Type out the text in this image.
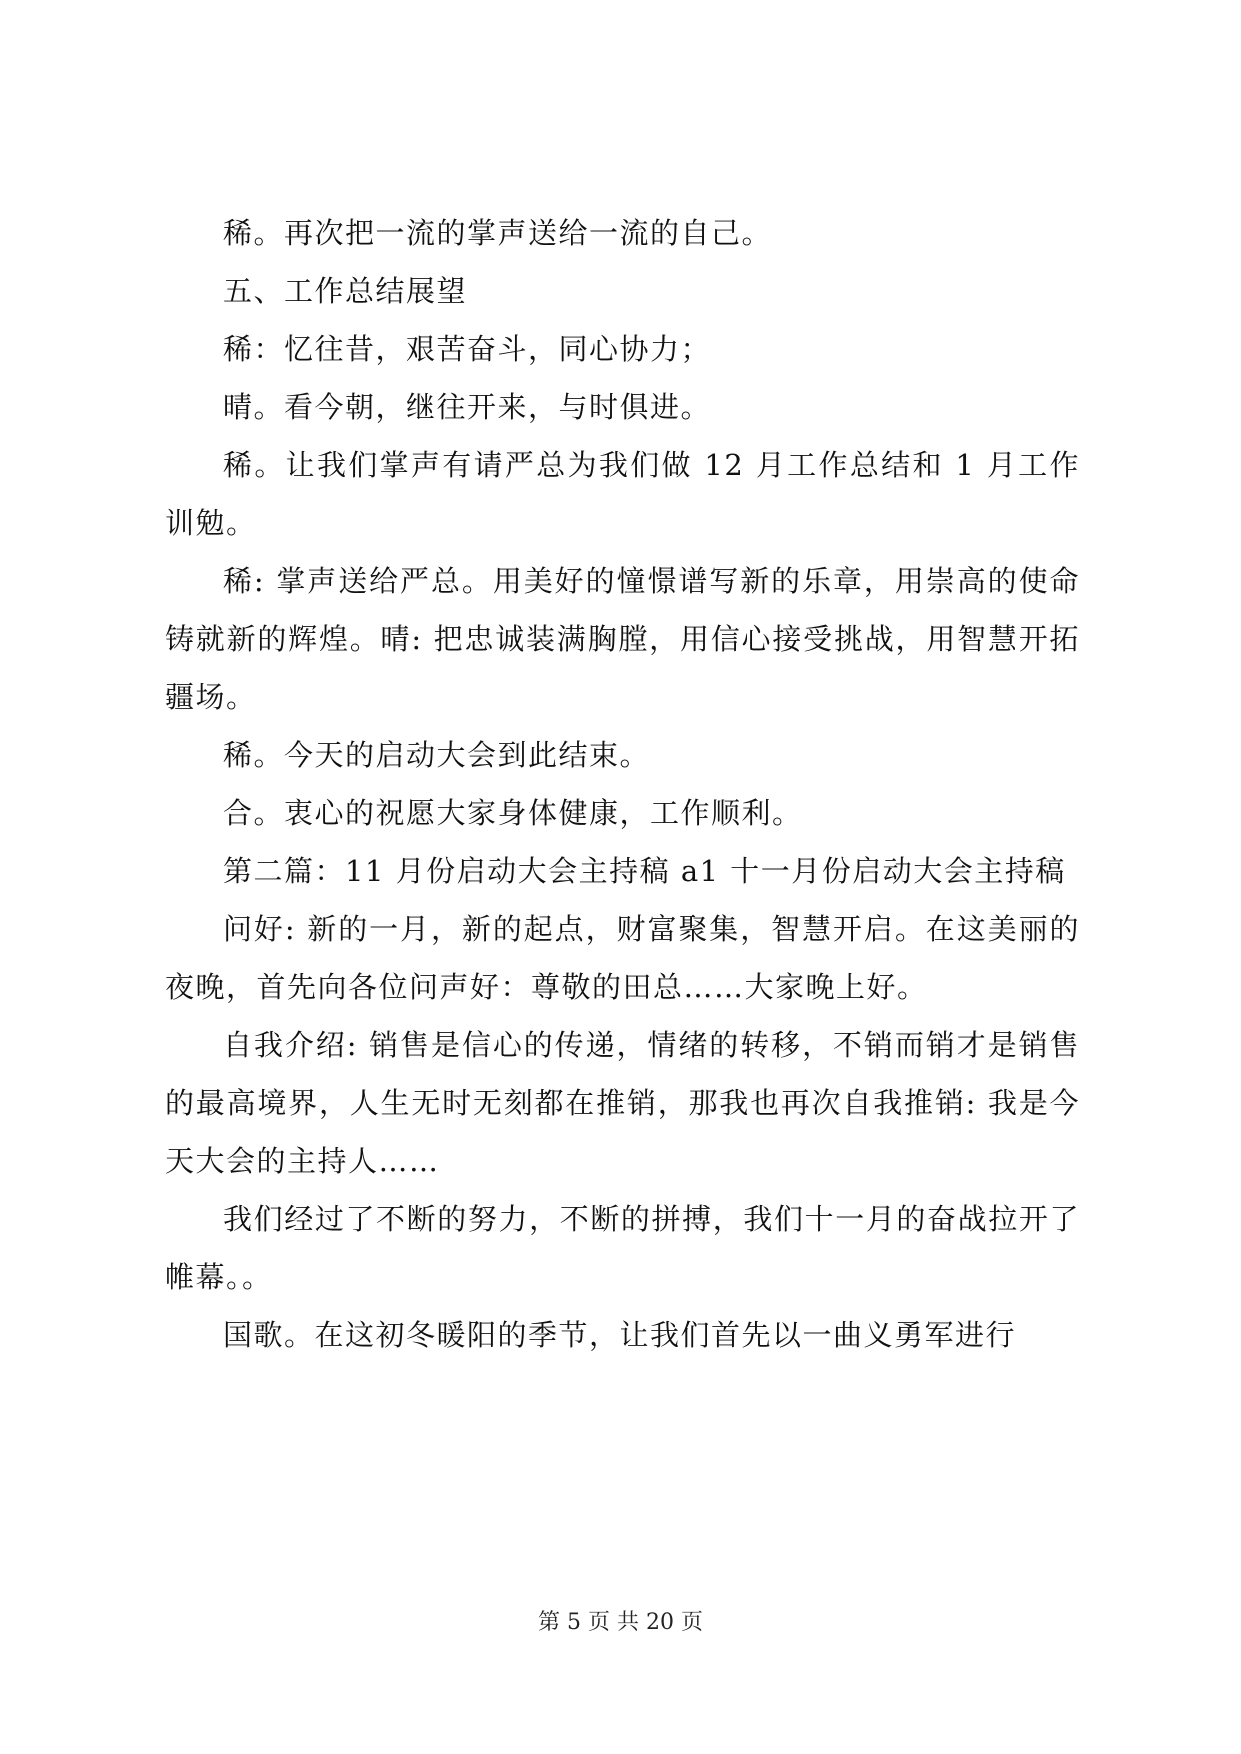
稀。再次把一流的掌声送给一流的自己。

五、工作总结展望

稀：忆往昔，艰苦奋斗，同心协力；

晴。看今朝，继往开来，与时俱进。

稀。让我们掌声有请严总为我们做 12 月工作总结和 1 月工作训勉。

稀: 掌声送给严总。用美好的憧憬谱写新的乐章，用崇高的使命铸就新的辉煌。晴: 把忠诚装满胸膛，用信心接受挑战，用智慧开拓疆场。

稀。今天的启动大会到此结束。

合。衷心的祝愿大家身体健康，工作顺利。

第二篇：11 月份启动大会主持稿 a1 十一月份启动大会主持稿

问好: 新的一月，新的起点，财富聚集，智慧开启。在这美丽的夜晚，首先向各位问声好：尊敬的田总……大家晚上好。

自我介绍: 销售是信心的传递，情绪的转移，不销而销才是销售的最高境界，人生无时无刻都在推销，那我也再次自我推销: 我是今天大会的主持人……

我们经过了不断的努力，不断的拼搏，我们十一月的奋战拉开了帷幕。。

国歌。在这初冬暖阳的季节，让我们首先以一曲义勇军进行

第 5 页 共 20 页
